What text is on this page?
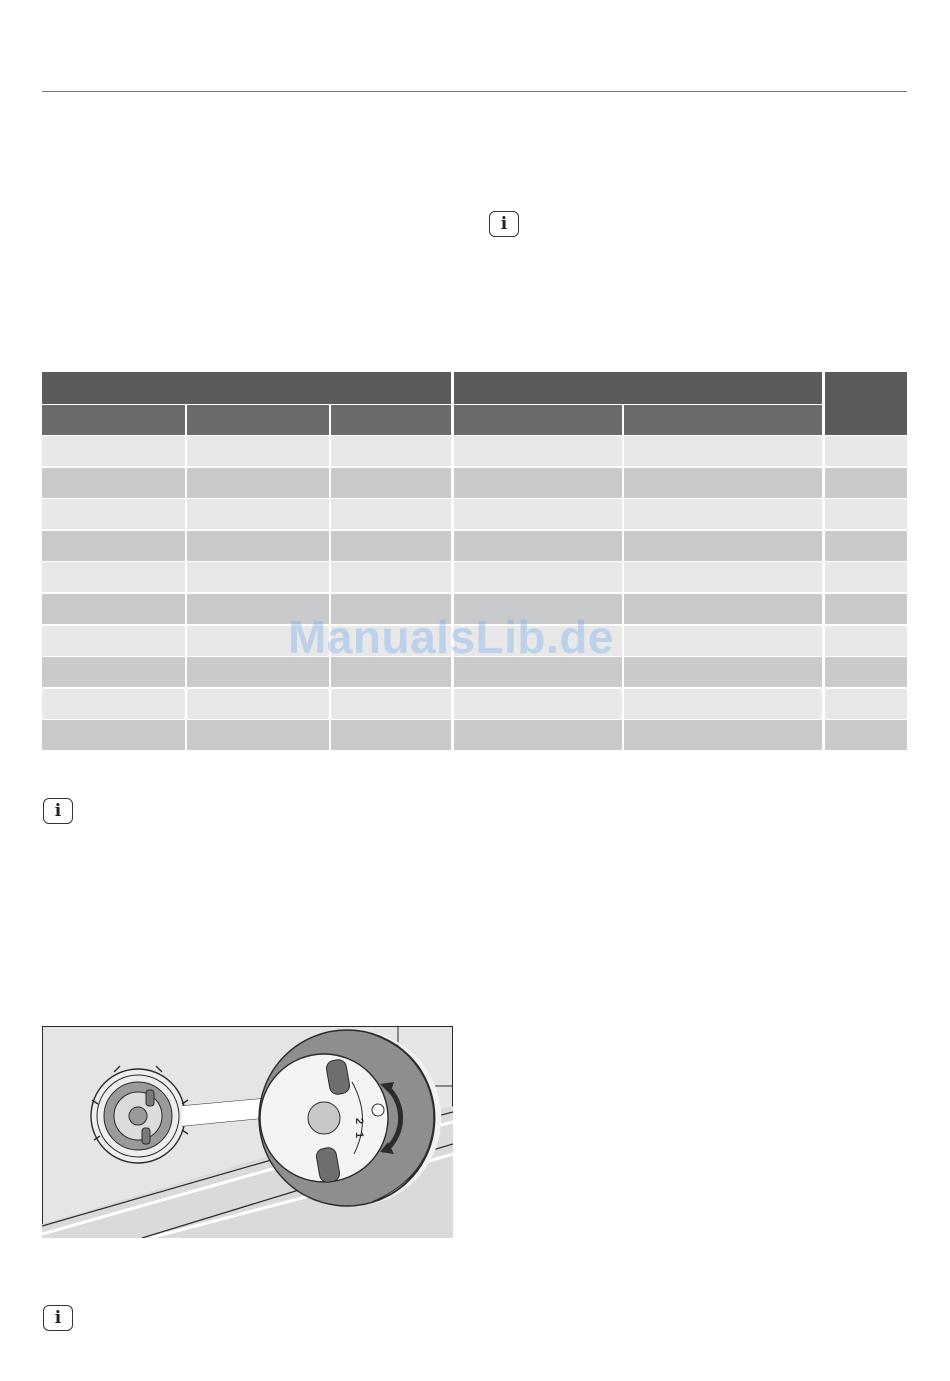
i
ManualsLib.de
i
2
1
i
